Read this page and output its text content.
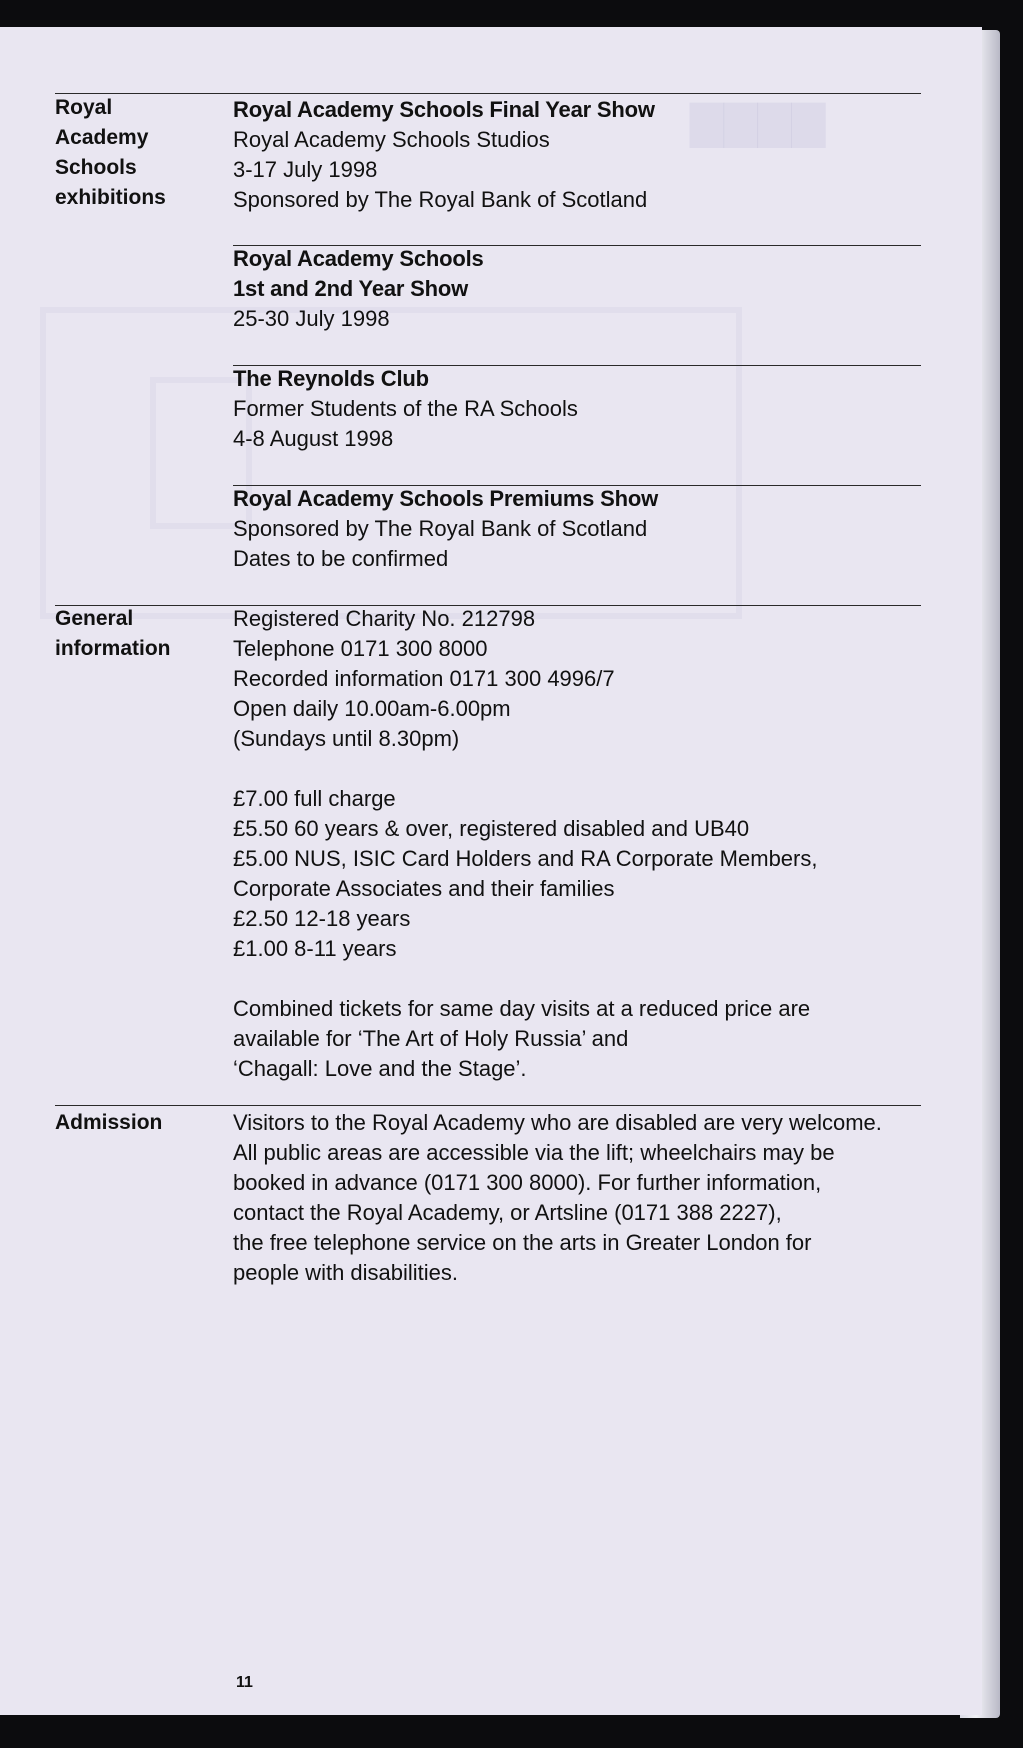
▇▇▇▇
Royal
Academy
Schools
exhibitions
Royal Academy Schools Final Year Show
Royal Academy Schools Studios
3-17 July 1998
Sponsored by The Royal Bank of Scotland
Royal Academy Schools
1st and 2nd Year Show
25-30 July 1998
The Reynolds Club
Former Students of the RA Schools
4-8 August 1998
Royal Academy Schools Premiums Show
Sponsored by The Royal Bank of Scotland
Dates to be confirmed
General
information
Registered Charity No. 212798
Telephone 0171 300 8000
Recorded information 0171 300 4996/7
Open daily 10.00am-6.00pm
(Sundays until 8.30pm)
£7.00 full charge
£5.50 60 years & over, registered disabled and UB40
£5.00 NUS, ISIC Card Holders and RA Corporate Members,
Corporate Associates and their families
£2.50 12-18 years
£1.00 8-11 years
Combined tickets for same day visits at a reduced price are
available for ‘The Art of Holy Russia’ and
‘Chagall: Love and the Stage’.
Admission	Visitors to the Royal Academy who are disabled are very welcome.
All public areas are accessible via the lift; wheelchairs may be
booked in advance (0171 300 8000). For further information,
contact the Royal Academy, or Artsline (0171 388 2227),
the free telephone service on the arts in Greater London for
people with disabilities.
11
